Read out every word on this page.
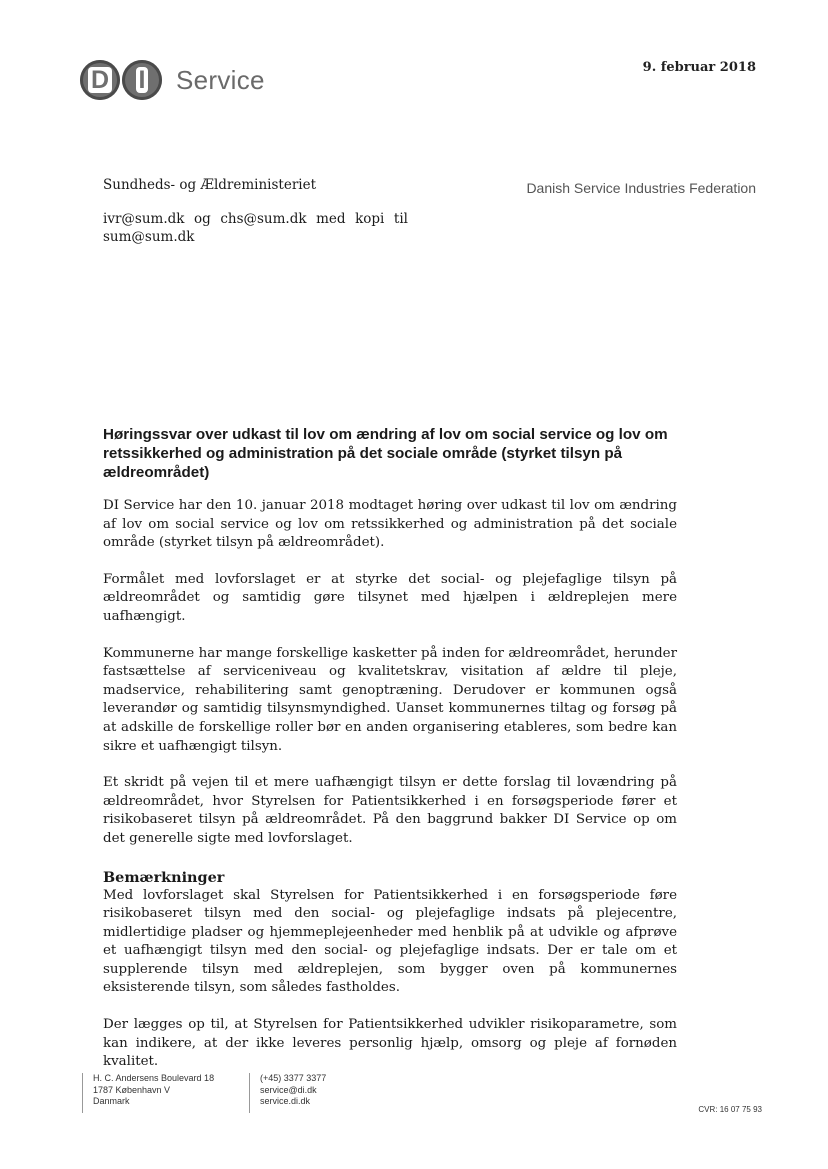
D I Service	9. februar 2018
Sundheds- og Ældreministeriet	Danish Service Industries Federation
ivr@sum.dk og chs@sum.dk med kopi til sum@sum.dk
Høringssvar over udkast til lov om ændring af lov om social service og lov om retssikkerhed og administration på det sociale område (styrket tilsyn på ældreområdet)

DI Service har den 10. januar 2018 modtaget høring over udkast til lov om ændring af lov om social service og lov om retssikkerhed og administration på det sociale område (styrket tilsyn på ældreområdet).

Formålet med lovforslaget er at styrke det social- og plejefaglige tilsyn på ældreområdet og samtidig gøre tilsynet med hjælpen i ældreplejen mere uafhængigt.

Kommunerne har mange forskellige kasketter på inden for ældreområdet, herunder fastsættelse af serviceniveau og kvalitetskrav, visitation af ældre til pleje, madservice, rehabilitering samt genoptræning. Derudover er kommunen også leverandør og samtidig tilsynsmyndighed. Uanset kommunernes tiltag og forsøg på at adskille de forskellige roller bør en anden organisering etableres, som bedre kan sikre et uafhængigt tilsyn.

Et skridt på vejen til et mere uafhængigt tilsyn er dette forslag til lovændring på ældreområdet, hvor Styrelsen for Patientsikkerhed i en forsøgsperiode fører et risikobaseret tilsyn på ældreområdet. På den baggrund bakker DI Service op om det generelle sigte med lovforslaget.

Bemærkninger

Med lovforslaget skal Styrelsen for Patientsikkerhed i en forsøgsperiode føre risikobaseret tilsyn med den social- og plejefaglige indsats på plejecentre, midlertidige pladser og hjemmeplejeenheder med henblik på at udvikle og afprøve et uafhængigt tilsyn med den social- og plejefaglige indsats. Der er tale om et supplerende tilsyn med ældreplejen, som bygger oven på kommunernes eksisterende tilsyn, som således fastholdes.

Der lægges op til, at Styrelsen for Patientsikkerhed udvikler risikoparametre, som kan indikere, at der ikke leveres personlig hjælp, omsorg og pleje af fornøden kvalitet.

H. C. Andersens Boulevard 18
1787 København V
Danmark
(+45) 3377 3377
service@di.dk
service.di.dk
CVR: 16 07 75 93
